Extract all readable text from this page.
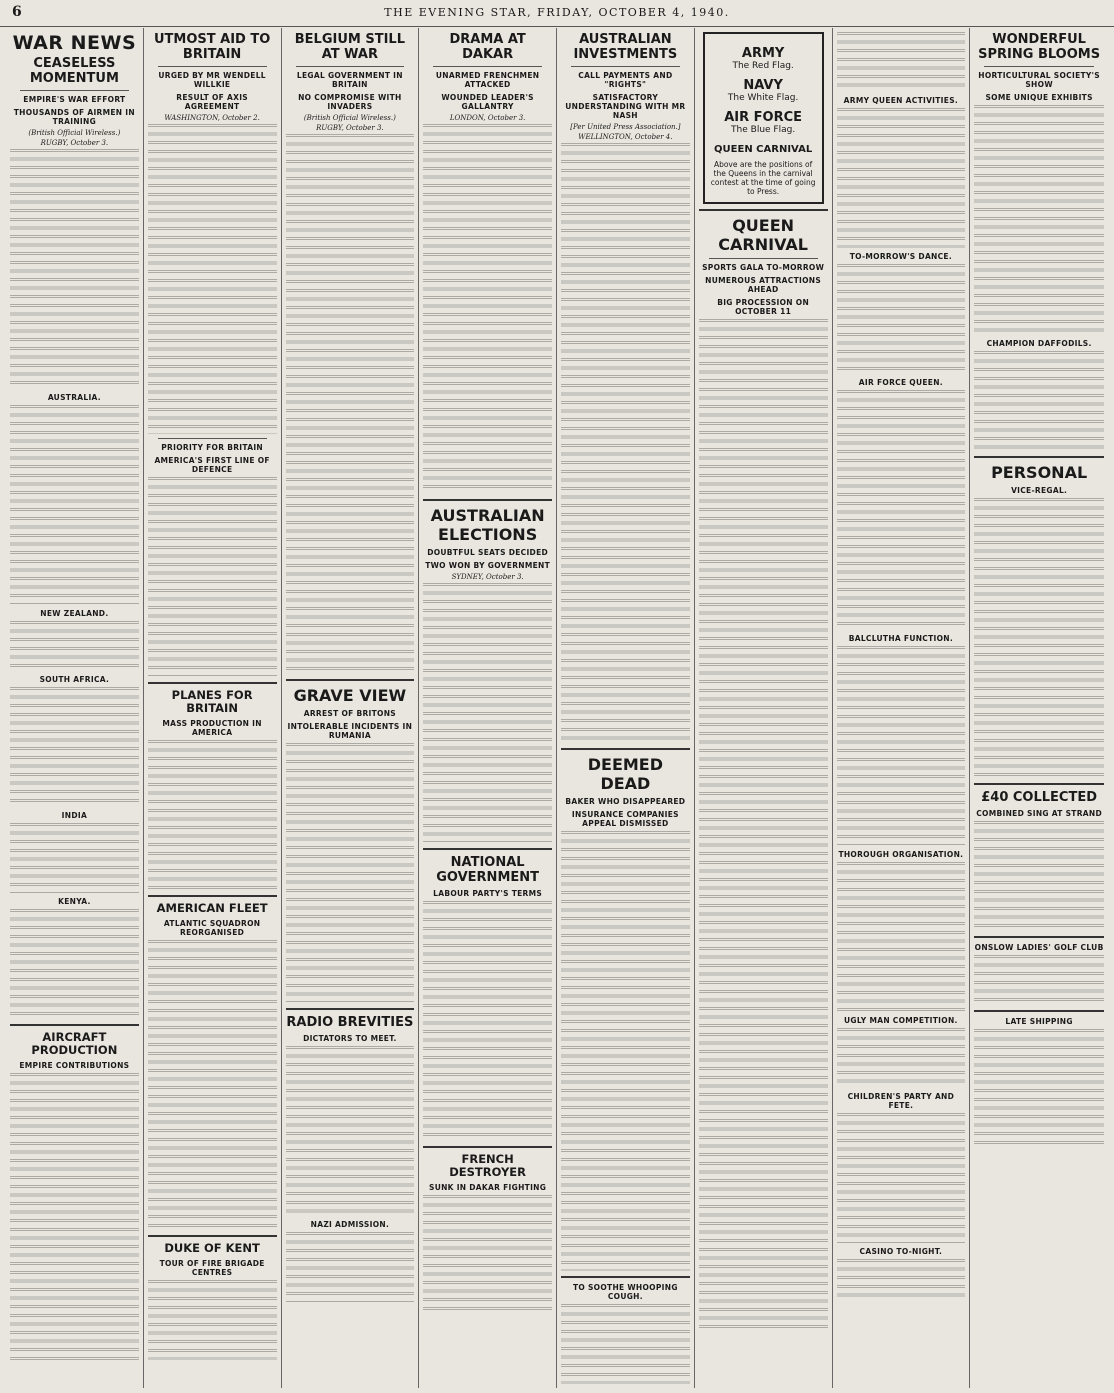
6	THE EVENING STAR, FRIDAY, OCTOBER 4, 1940.
WAR NEWS
CEASELESS MOMENTUM
EMPIRE'S WAR EFFORT
THOUSANDS OF AIRMEN IN TRAINING
(British Official Wireless.)
RUGBY, October 3.
AUSTRALIA.
NEW ZEALAND.
SOUTH AFRICA.
INDIA
KENYA.
AIRCRAFT PRODUCTION
EMPIRE CONTRIBUTIONS
UTMOST AID TO BRITAIN
URGED BY MR WENDELL WILLKIE
RESULT OF AXIS AGREEMENT
WASHINGTON, October 2.
PRIORITY FOR BRITAIN
AMERICA'S FIRST LINE OF DEFENCE
PLANES FOR BRITAIN
MASS PRODUCTION IN AMERICA
AMERICAN FLEET
ATLANTIC SQUADRON REORGANISED
DUKE OF KENT
TOUR OF FIRE BRIGADE CENTRES
BELGIUM STILL AT WAR
LEGAL GOVERNMENT IN BRITAIN
NO COMPROMISE WITH INVADERS
(British Official Wireless.)
RUGBY, October 3.
GRAVE VIEW
ARREST OF BRITONS
INTOLERABLE INCIDENTS IN RUMANIA
RADIO BREVITIES
DICTATORS TO MEET.
NAZI ADMISSION.
DRAMA AT DAKAR
UNARMED FRENCHMEN ATTACKED
WOUNDED LEADER'S GALLANTRY
LONDON, October 3.
AUSTRALIAN ELECTIONS
DOUBTFUL SEATS DECIDED
TWO WON BY GOVERNMENT
SYDNEY, October 3.
NATIONAL GOVERNMENT
LABOUR PARTY'S TERMS
FRENCH DESTROYER
SUNK IN DAKAR FIGHTING
AUSTRALIAN INVESTMENTS
CALL PAYMENTS AND "RIGHTS"
SATISFACTORY UNDERSTANDING WITH MR NASH
[Per United Press Association.]
WELLINGTON, October 4.
DEEMED DEAD
BAKER WHO DISAPPEARED
INSURANCE COMPANIES APPEAL DISMISSED
TO SOOTHE WHOOPING COUGH.
ARMY
The Red Flag.
NAVY
The White Flag.
AIR FORCE
The Blue Flag.
QUEEN CARNIVAL
Above are the positions of the Queens in the carnival contest at the time of going to Press.
QUEEN CARNIVAL
SPORTS GALA TO-MORROW
NUMEROUS ATTRACTIONS AHEAD
BIG PROCESSION ON OCTOBER 11
ARMY QUEEN ACTIVITIES.
TO-MORROW'S DANCE.
AIR FORCE QUEEN.
BALCLUTHA FUNCTION.
THOROUGH ORGANISATION.
UGLY MAN COMPETITION.
CHILDREN'S PARTY AND FETE.
CASINO TO-NIGHT.
WONDERFUL SPRING BLOOMS
HORTICULTURAL SOCIETY'S SHOW
SOME UNIQUE EXHIBITS
CHAMPION DAFFODILS.
PERSONAL
VICE-REGAL.
£40 COLLECTED
COMBINED SING AT STRAND
ONSLOW LADIES' GOLF CLUB
LATE SHIPPING
